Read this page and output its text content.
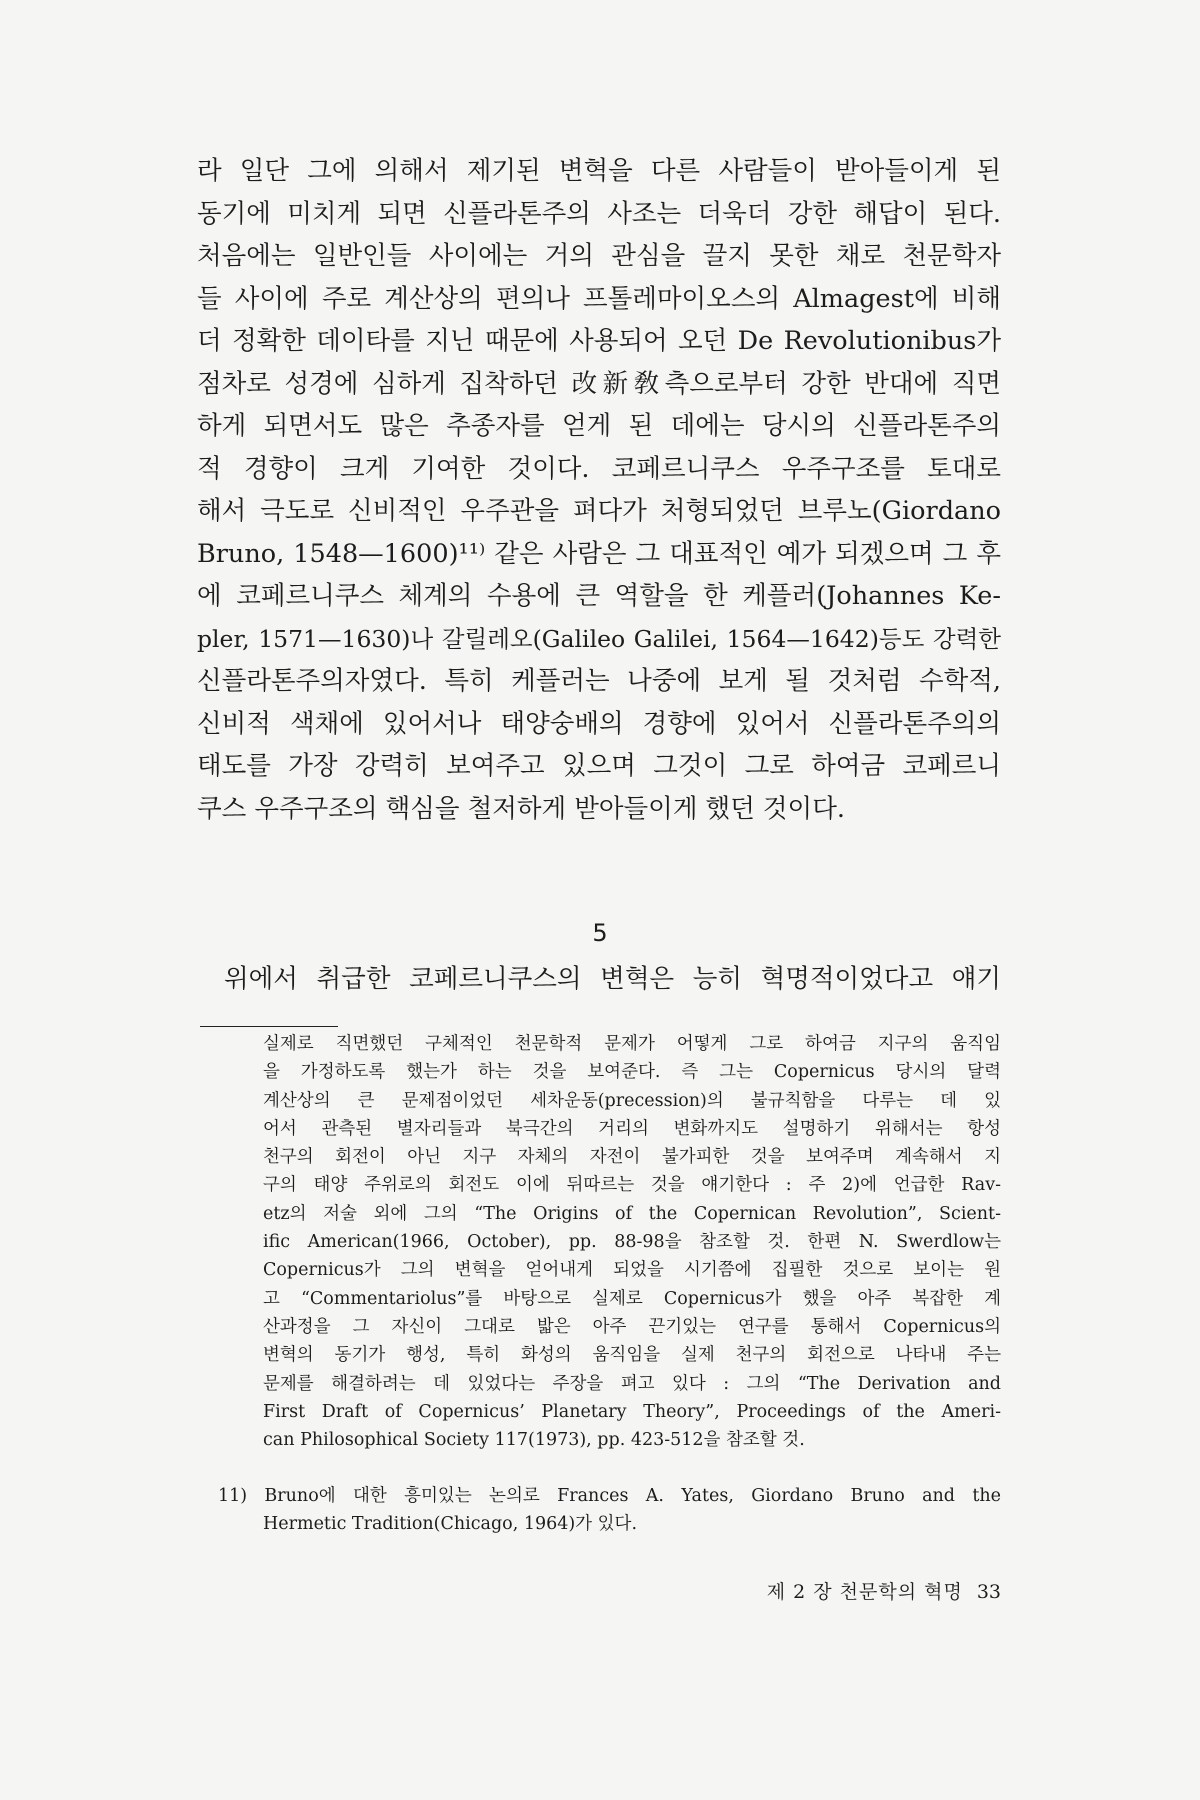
라 일단 그에 의해서 제기된 변혁을 다른 사람들이 받아들이게 된
동기에 미치게 되면 신플라톤주의 사조는 더욱더 강한 해답이 된다.
처음에는 일반인들 사이에는 거의 관심을 끌지 못한 채로 천문학자
들 사이에 주로 계산상의 편의나 프톨레마이오스의 Almagest에 비해
더 정확한 데이타를 지닌 때문에 사용되어 오던 De Revolutionibus가
점차로 성경에 심하게 집착하던 改新敎측으로부터 강한 반대에 직면
하게 되면서도 많은 추종자를 얻게 된 데에는 당시의 신플라톤주의
적 경향이 크게 기여한 것이다. 코페르니쿠스 우주구조를 토대로
해서 극도로 신비적인 우주관을 펴다가 처형되었던 브루노(Giordano
Bruno, 1548—1600)¹¹⁾ 같은 사람은 그 대표적인 예가 되겠으며 그 후
에 코페르니쿠스 체계의 수용에 큰 역할을 한 케플러(Johannes Ke-
pler, 1571—1630)나 갈릴레오(Galileo Galilei, 1564—1642)등도 강력한
신플라톤주의자였다. 특히 케플러는 나중에 보게 될 것처럼 수학적,
신비적 색채에 있어서나 태양숭배의 경향에 있어서 신플라톤주의의
태도를 가장 강력히 보여주고 있으며 그것이 그로 하여금 코페르니
쿠스 우주구조의 핵심을 철저하게 받아들이게 했던 것이다.
5
위에서 취급한 코페르니쿠스의 변혁은 능히 혁명적이었다고 얘기
실제로 직면했던 구체적인 천문학적 문제가 어떻게 그로 하여금 지구의 움직임
을 가정하도록 했는가 하는 것을 보여준다. 즉 그는 Copernicus 당시의 달력
계산상의 큰 문제점이었던 세차운동(precession)의 불규칙함을 다루는 데 있
어서 관측된 별자리들과 북극간의 거리의 변화까지도 설명하기 위해서는 항성
천구의 회전이 아닌 지구 자체의 자전이 불가피한 것을 보여주며 계속해서 지
구의 태양 주위로의 회전도 이에 뒤따르는 것을 얘기한다 : 주 2)에 언급한 Rav-
etz의 저술 외에 그의 “The Origins of the Copernican Revolution”, Scient-
ific American(1966, October), pp. 88-98을 참조할 것. 한편 N. Swerdlow는
Copernicus가 그의 변혁을 얻어내게 되었을 시기쯤에 집필한 것으로 보이는 원
고 “Commentariolus”를 바탕으로 실제로 Copernicus가 했을 아주 복잡한 계
산과정을 그 자신이 그대로 밟은 아주 끈기있는 연구를 통해서 Copernicus의
변혁의 동기가 행성, 특히 화성의 움직임을 실제 천구의 회전으로 나타내 주는
문제를 해결하려는 데 있었다는 주장을 펴고 있다 : 그의 “The Derivation and
First Draft of Copernicus’ Planetary Theory”, Proceedings of the Ameri-
can Philosophical Society 117(1973), pp. 423-512을 참조할 것.
11) Bruno에 대한 흥미있는 논의로 Frances A. Yates, Giordano Bruno and the
Hermetic Tradition(Chicago, 1964)가 있다.
제 2 장 천문학의 혁명 33
